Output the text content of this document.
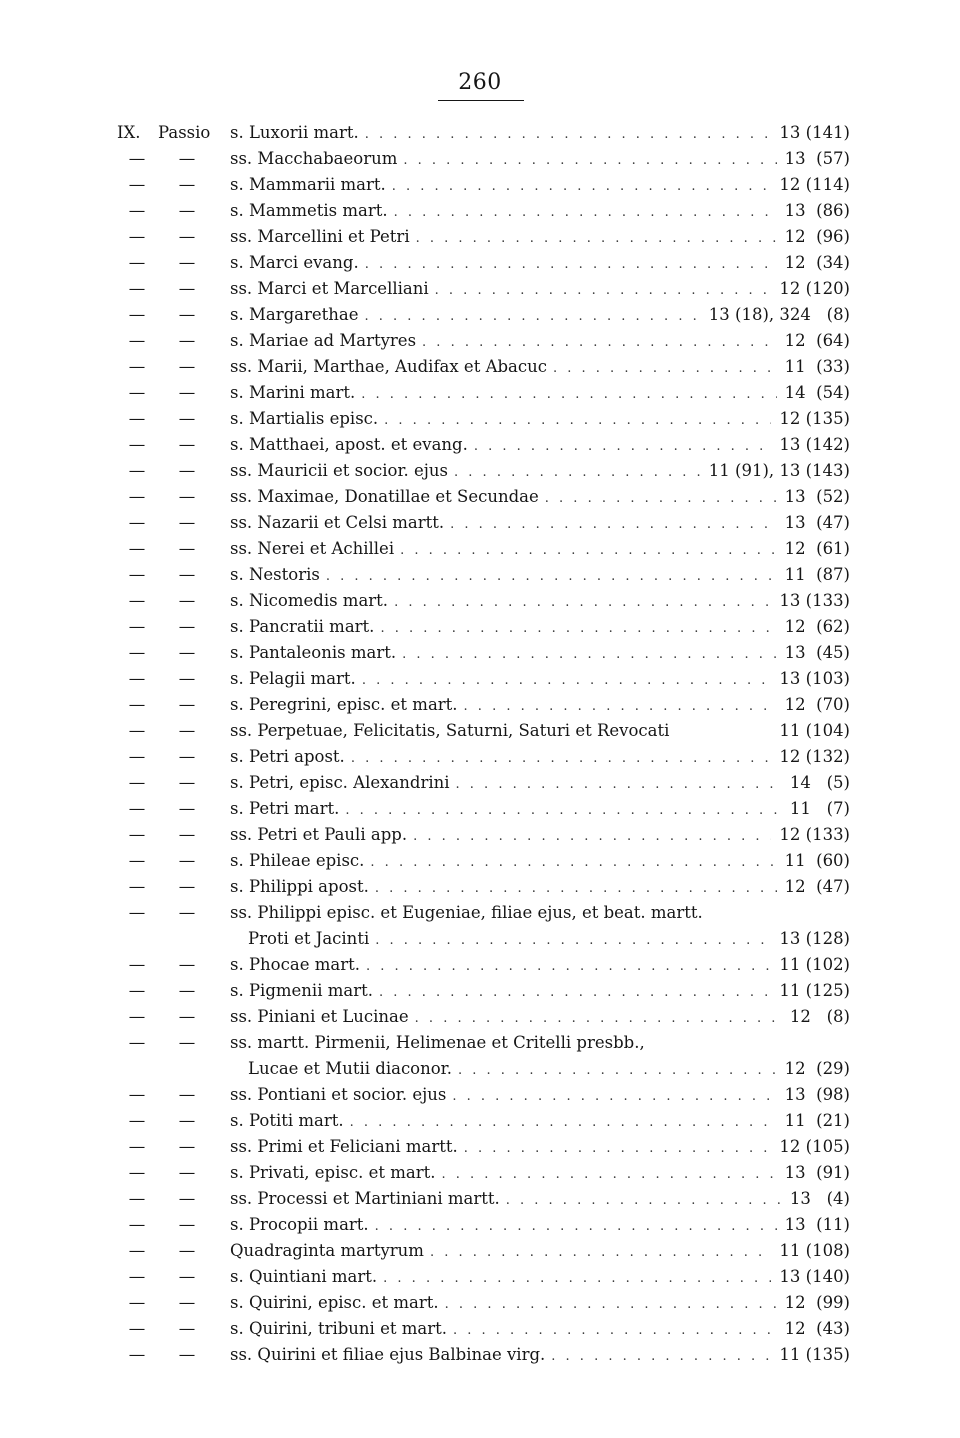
260
IX.	Passio	s. Luxorii mart. . . .	13 (141)
— — ss. Macchabaeorum . . .	13  (57)
— — s. Mammarii mart. . . .	12 (114)
— — s. Mammetis mart. . . .	13  (86)
— — ss. Marcellini et Petri . . .	12  (96)
— — s. Marci evang. . . .	12  (34)
— — ss. Marci et Marcelliani . . .	12 (120)
— — s. Margarethae . . .	13 (18), 324   (8)
— — s. Mariae ad Martyres . . .	12  (64)
— — ss. Marii, Marthae, Audifax et Abacuc . . .	11  (33)
— — s. Marini mart. . . .	14  (54)
— — s. Martialis episc. . . .	12 (135)
— — s. Matthaei, apost. et evang. . . .	13 (142)
— — ss. Mauricii et socior. ejus . . .	11 (91), 13 (143)
— — ss. Maximae, Donatillae et Secundae . . .	13  (52)
— — ss. Nazarii et Celsi martt. . . .	13  (47)
— — ss. Nerei et Achillei . . .	12  (61)
— — s. Nestoris . . .	11  (87)
— — s. Nicomedis mart. . . .	13 (133)
— — s. Pancratii mart. . . .	12  (62)
— — s. Pantaleonis mart. . . .	13  (45)
— — s. Pelagii mart. . . .	13 (103)
— — s. Peregrini, episc. et mart. . . .	12  (70)
— — ss. Perpetuae, Felicitatis, Saturni, Saturi et Revocati	11 (104)
— — s. Petri apost. . . .	12 (132)
— — s. Petri, episc. Alexandrini . . .	14   (5)
— — s. Petri mart. . . .	11   (7)
— — ss. Petri et Pauli app. . . .	12 (133)
— — s. Phileae episc. . . .	11  (60)
— — s. Philippi apost. . . .	12  (47)
— — ss. Philippi episc. et Eugeniae, filiae ejus, et beat. martt.
Proti et Jacinti . . .	13 (128)
— — s. Phocae mart. . . .	11 (102)
— — s. Pigmenii mart. . . .	11 (125)
— — ss. Piniani et Lucinae . . .	12   (8)
— — ss. martt. Pirmenii, Helimenae et Critelli presbb.,
Lucae et Mutii diaconor. . . .	12  (29)
— — ss. Pontiani et socior. ejus . . .	13  (98)
— — s. Potiti mart. . . .	11  (21)
— — ss. Primi et Feliciani martt. . . .	12 (105)
— — s. Privati, episc. et mart. . . .	13  (91)
— — ss. Processi et Martiniani martt. . . .	13   (4)
— — s. Procopii mart. . . .	13  (11)
— — Quadraginta martyrum . . .	11 (108)
— — s. Quintiani mart. . . .	13 (140)
— — s. Quirini, episc. et mart. . . .	12  (99)
— — s. Quirini, tribuni et mart. . . .	12  (43)
— — ss. Quirini et filiae ejus Balbinae virg. . . .	11 (135)
